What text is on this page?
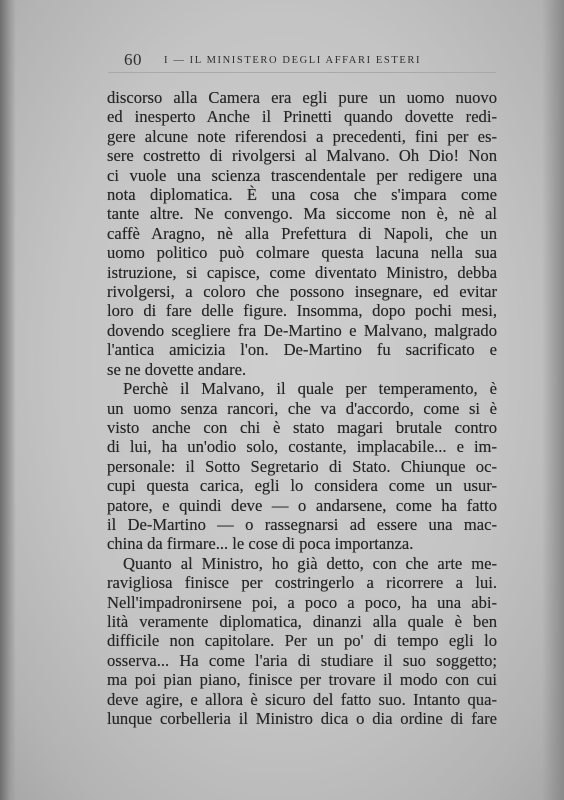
60 I — IL MINISTERO DEGLI AFFARI ESTERI
discorso alla Camera era egli pure un uomo nuovo
ed inesperto Anche il Prinetti quando dovette redi-
gere alcune note riferendosi a precedenti, fini per es-
sere costretto di rivolgersi al Malvano. Oh Dio! Non
ci vuole una scienza trascendentale per redigere una
nota diplomatica. È una cosa che s'impara come
tante altre. Ne convengo. Ma siccome non è, nè al
caffè Aragno, nè alla Prefettura di Napoli, che un
uomo politico può colmare questa lacuna nella sua
istruzione, si capisce, come diventato Ministro, debba
rivolgersi, a coloro che possono insegnare, ed evitar
loro di fare delle figure. Insomma, dopo pochi mesi,
dovendo scegliere fra De-Martino e Malvano, malgrado
l'antica amicizia l'on. De-Martino fu sacrificato e
se ne dovette andare.
Perchè il Malvano, il quale per temperamento, è
un uomo senza rancori, che va d'accordo, come si è
visto anche con chi è stato magari brutale contro
di lui, ha un'odio solo, costante, implacabile... e im-
personale: il Sotto Segretario di Stato. Chiunque oc-
cupi questa carica, egli lo considera come un usur-
patore, e quindi deve — o andarsene, come ha fatto
il De-Martino — o rassegnarsi ad essere una mac-
china da firmare... le cose di poca importanza.
Quanto al Ministro, ho già detto, con che arte me-
ravigliosa finisce per costringerlo a ricorrere a lui.
Nell'impadronirsene poi, a poco a poco, ha una abi-
lità veramente diplomatica, dinanzi alla quale è ben
difficile non capitolare. Per un po' di tempo egli lo
osserva... Ha come l'aria di studiare il suo soggetto;
ma poi pian piano, finisce per trovare il modo con cui
deve agire, e allora è sicuro del fatto suo. Intanto qua-
lunque corbelleria il Ministro dica o dia ordine di fare
